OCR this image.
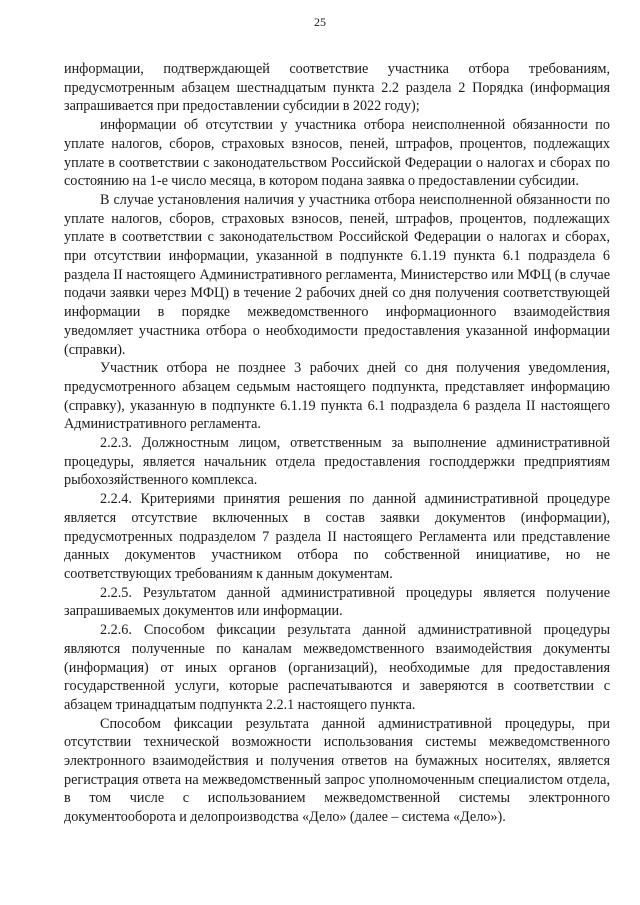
25

информации, подтверждающей соответствие участника отбора требованиям, предусмотренным абзацем шестнадцатым пункта 2.2 раздела 2 Порядка (информация запрашивается при предоставлении субсидии в 2022 году);

информации об отсутствии у участника отбора неисполненной обязанности по уплате налогов, сборов, страховых взносов, пеней, штрафов, процентов, подлежащих уплате в соответствии с законодательством Российской Федерации о налогах и сборах по состоянию на 1-е число месяца, в котором подана заявка о предоставлении субсидии.

В случае установления наличия у участника отбора неисполненной обязанности по уплате налогов, сборов, страховых взносов, пеней, штрафов, процентов, подлежащих уплате в соответствии с законодательством Российской Федерации о налогах и сборах, при отсутствии информации, указанной в подпункте 6.1.19 пункта 6.1 подраздела 6 раздела II настоящего Административного регламента, Министерство или МФЦ (в случае подачи заявки через МФЦ) в течение 2 рабочих дней со дня получения соответствующей информации в порядке межведомственного информационного взаимодействия уведомляет участника отбора о необходимости предоставления указанной информации (справки).

Участник отбора не позднее 3 рабочих дней со дня получения уведомления, предусмотренного абзацем седьмым настоящего подпункта, представляет информацию (справку), указанную в подпункте 6.1.19 пункта 6.1 подраздела 6 раздела II настоящего Административного регламента.

2.2.3. Должностным лицом, ответственным за выполнение административной процедуры, является начальник отдела предоставления господдержки предприятиям рыбохозяйственного комплекса.

2.2.4. Критериями принятия решения по данной административной процедуре является отсутствие включенных в состав заявки документов (информации), предусмотренных подразделом 7 раздела II настоящего Регламента или представление данных документов участником отбора по собственной инициативе, но не соответствующих требованиям к данным документам.

2.2.5. Результатом данной административной процедуры является получение запрашиваемых документов или информации.

2.2.6. Способом фиксации результата данной административной процедуры являются полученные по каналам межведомственного взаимодействия документы (информация) от иных органов (организаций), необходимые для предоставления государственной услуги, которые распечатываются и заверяются в соответствии с абзацем тринадцатым подпункта 2.2.1 настоящего пункта.

Способом фиксации результата данной административной процедуры, при отсутствии технической возможности использования системы межведомственного электронного взаимодействия и получения ответов на бумажных носителях, является регистрация ответа на межведомственный запрос уполномоченным специалистом отдела, в том числе с использованием межведомственной системы электронного документооборота и делопроизводства «Дело» (далее – система «Дело»).
